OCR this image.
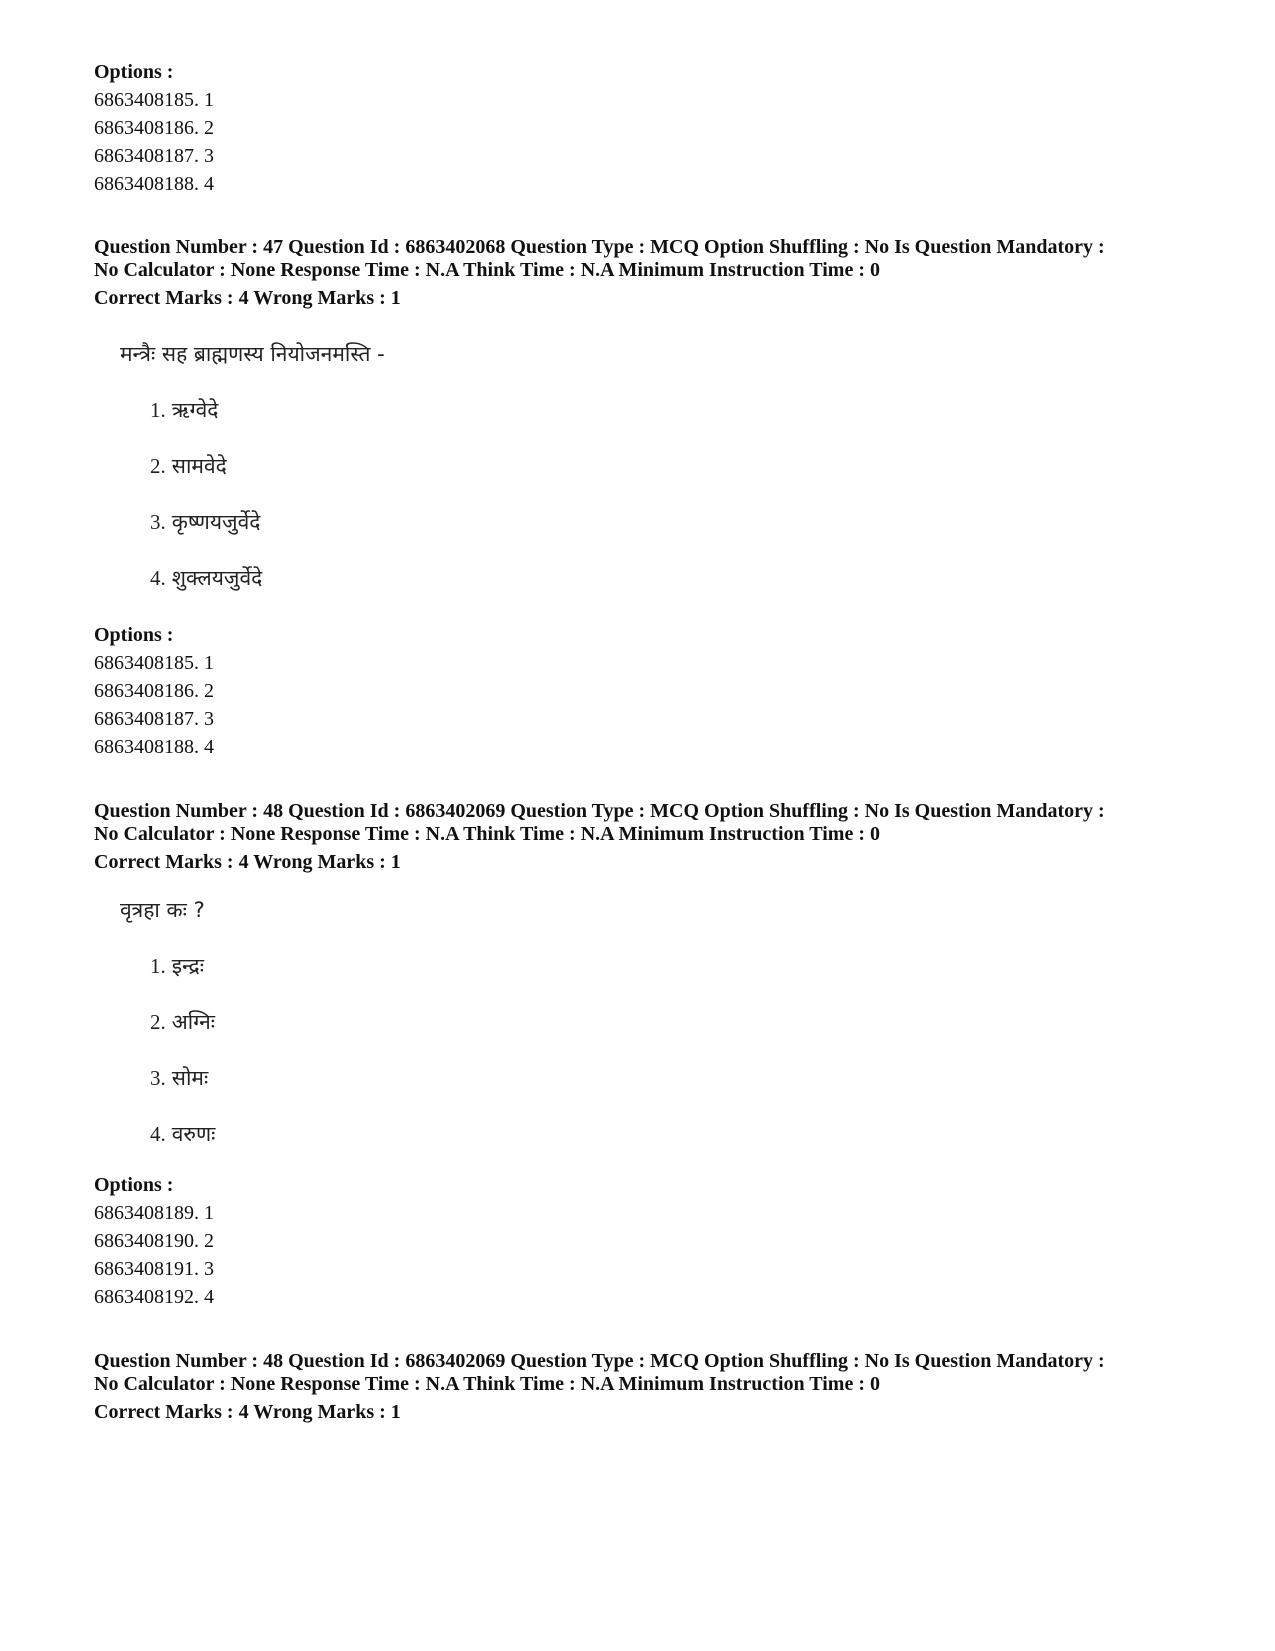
Options :
6863408185. 1
6863408186. 2
6863408187. 3
6863408188. 4
Question Number : 47 Question Id : 6863402068 Question Type : MCQ Option Shuffling : No Is Question Mandatory :
No Calculator : None Response Time : N.A Think Time : N.A Minimum Instruction Time : 0
Correct Marks : 4 Wrong Marks : 1
मन्त्रैः सह ब्राह्मणस्य नियोजनमस्ति -
1. ऋग्वेदे
2. सामवेदे
3. कृष्णयजुर्वेदे
4. शुक्लयजुर्वेदे
Options :
6863408185. 1
6863408186. 2
6863408187. 3
6863408188. 4
Question Number : 48 Question Id : 6863402069 Question Type : MCQ Option Shuffling : No Is Question Mandatory :
No Calculator : None Response Time : N.A Think Time : N.A Minimum Instruction Time : 0
Correct Marks : 4 Wrong Marks : 1
वृत्रहा कः ?
1. इन्द्रः
2. अग्निः
3. सोमः
4. वरुणः
Options :
6863408189. 1
6863408190. 2
6863408191. 3
6863408192. 4
Question Number : 48 Question Id : 6863402069 Question Type : MCQ Option Shuffling : No Is Question Mandatory :
No Calculator : None Response Time : N.A Think Time : N.A Minimum Instruction Time : 0
Correct Marks : 4 Wrong Marks : 1
